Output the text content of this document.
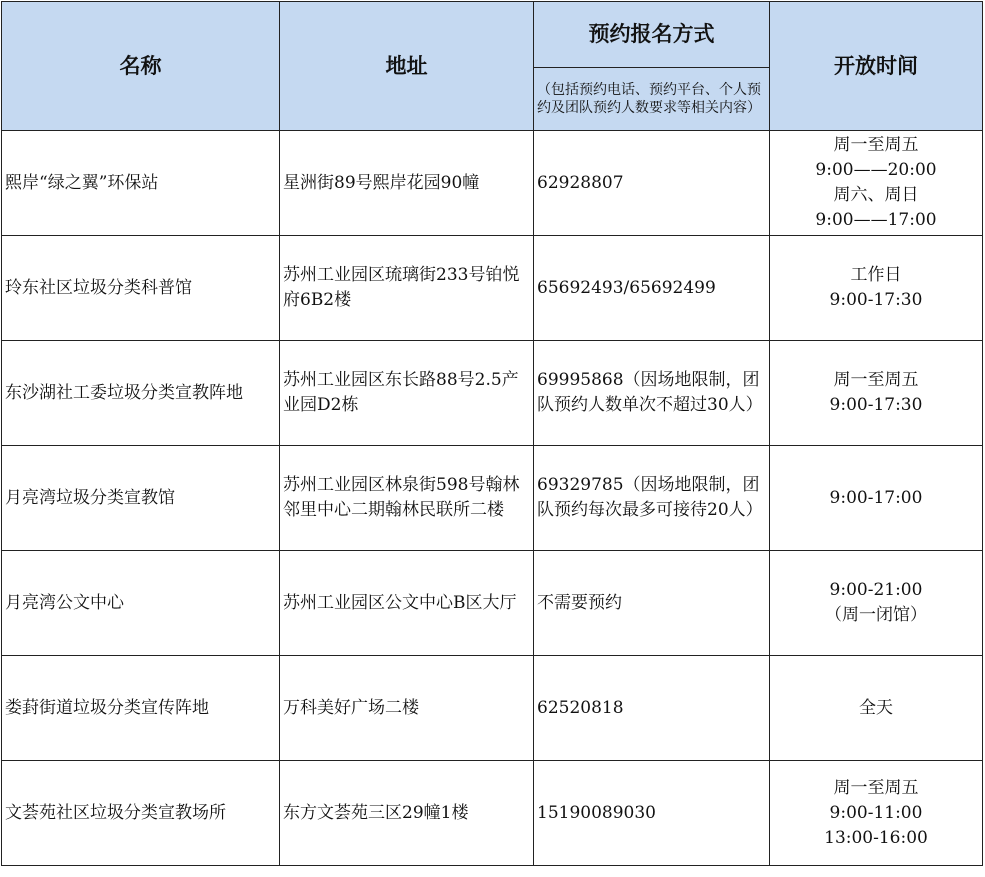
名称	地址	预约报名方式	开放时间
		（包括预约电话、预约平台、个人预约及团队预约人数要求等相关内容）	
熙岸“绿之翼”环保站	星洲街89号熙岸花园90幢	62928807	周一至周五
9:00——20:00
周六、周日
9:00——17:00

玲东社区垃圾分类科普馆	苏州工业园区琉璃街233号铂悦府6B2楼	65692493/65692499	工作日
9:00-17:30

东沙湖社工委垃圾分类宣教阵地	苏州工业园区东长路88号2.5产业园D2栋	69995868（因场地限制，团队预约人数单次不超过30人）	周一至周五
9:00-17:30

月亮湾垃圾分类宣教馆	苏州工业园区林泉街598号翰林邻里中心二期翰林民联所二楼	69329785（因场地限制，团队预约每次最多可接待20人）	9:00-17:00

月亮湾公文中心	苏州工业园区公文中心B区大厅	不需要预约	9:00-21:00
（周一闭馆）

娄葑街道垃圾分类宣传阵地	万科美好广场二楼	62520818	全天

文荟苑社区垃圾分类宣教场所	东方文荟苑三区29幢1楼	15190089030	周一至周五
9:00-11:00
13:00-16:00
